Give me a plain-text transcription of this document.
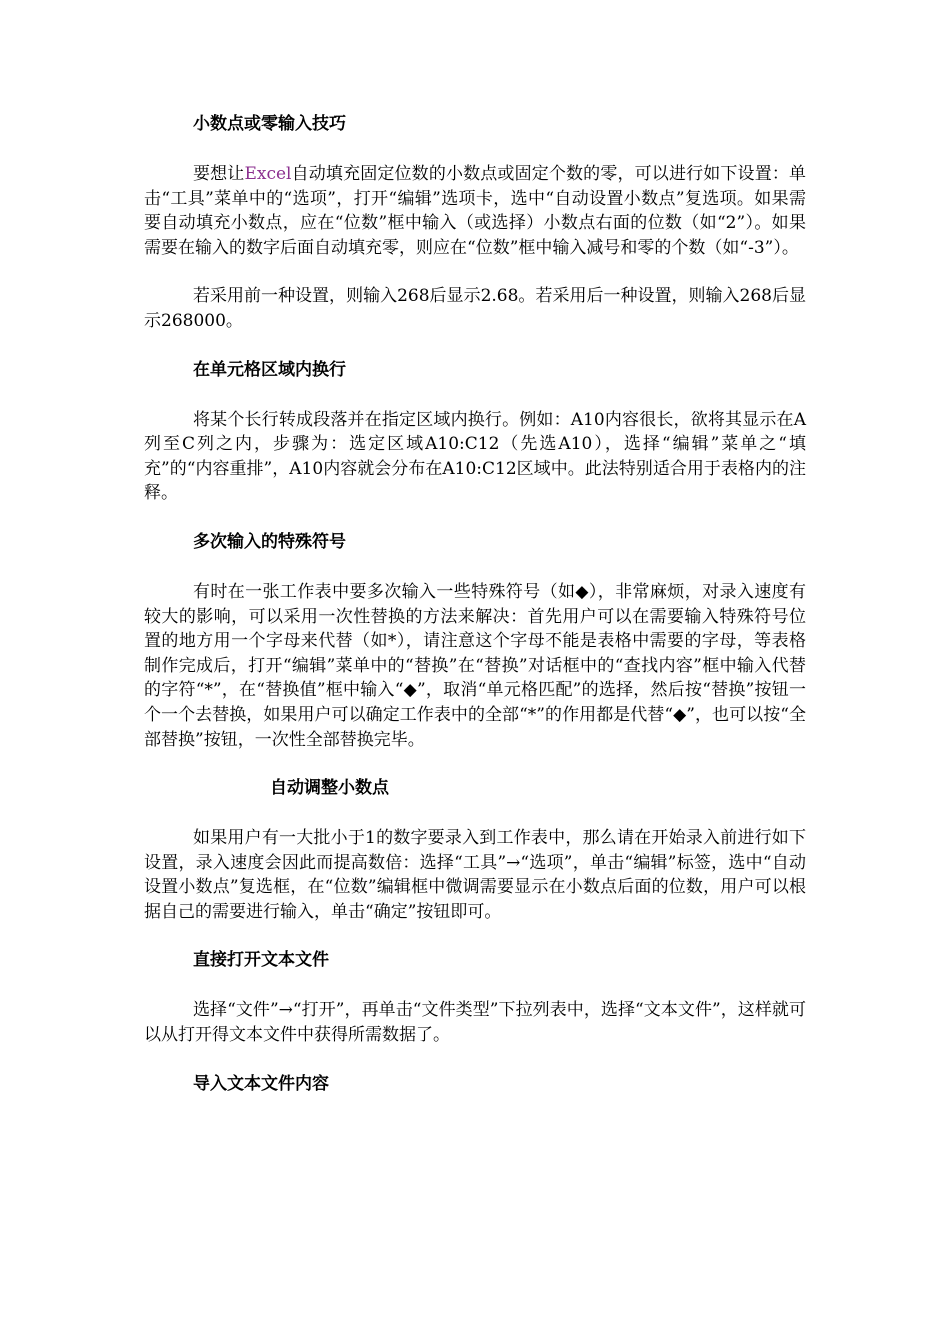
小数点或零输入技巧

要想让Excel自动填充固定位数的小数点或固定个数的零，可以进行如下设置：单击“工具”菜单中的“选项”，打开“编辑”选项卡，选中“自动设置小数点”复选项。如果需要自动填充小数点，应在“位数”框中输入（或选择）小数点右面的位数（如“2”）。如果需要在输入的数字后面自动填充零，则应在“位数”框中输入减号和零的个数（如“-3”）。

若采用前一种设置，则输入268后显示2.68。若采用后一种设置，则输入268后显示268000。

在单元格区域内换行

将某个长行转成段落并在指定区域内换行。例如：A10内容很长，欲将其显示在A列至C列之内，步骤为：选定区域A10:C12（先选A10），选择“编辑”菜单之“填充”的“内容重排”，A10内容就会分布在A10:C12区域中。此法特别适合用于表格内的注释。

多次输入的特殊符号

有时在一张工作表中要多次输入一些特殊符号（如◆），非常麻烦，对录入速度有较大的影响，可以采用一次性替换的方法来解决：首先用户可以在需要输入特殊符号位置的地方用一个字母来代替（如*），请注意这个字母不能是表格中需要的字母，等表格制作完成后，打开“编辑”菜单中的“替换”在“替换”对话框中的“查找内容”框中输入代替的字符“*”，在“替换值”框中输入“◆”，取消“单元格匹配”的选择，然后按“替换”按钮一个一个去替换，如果用户可以确定工作表中的全部“*”的作用都是代替“◆”，也可以按“全部替换”按钮，一次性全部替换完毕。

自动调整小数点

如果用户有一大批小于1的数字要录入到工作表中，那么请在开始录入前进行如下设置，录入速度会因此而提高数倍：选择“工具”→“选项”，单击“编辑”标签，选中“自动设置小数点”复选框，在“位数”编辑框中微调需要显示在小数点后面的位数，用户可以根据自己的需要进行输入，单击“确定”按钮即可。

直接打开文本文件

选择“文件”→“打开”，再单击“文件类型”下拉列表中，选择“文本文件”，这样就可以从打开得文本文件中获得所需数据了。

导入文本文件内容
